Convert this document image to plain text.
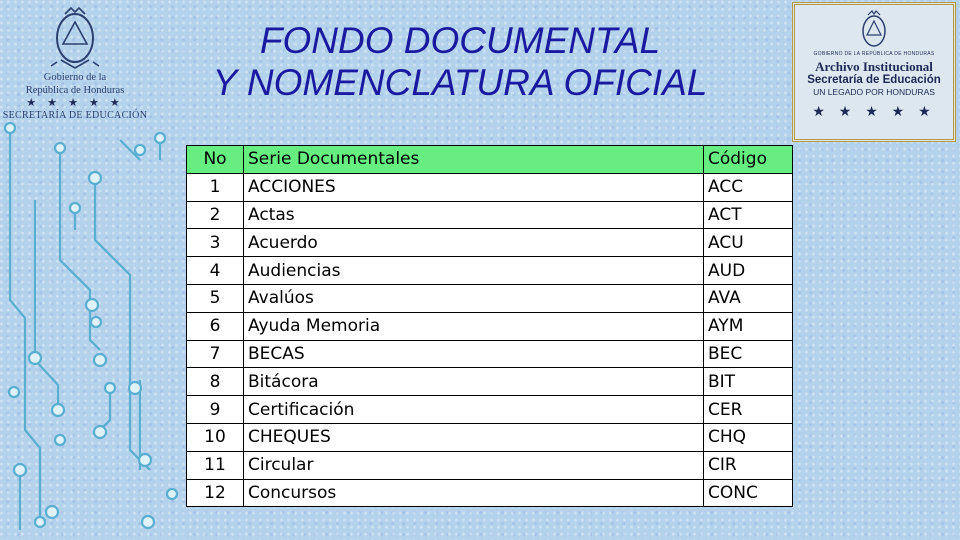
Gobierno de la
República de Honduras
★ ★ ★ ★ ★
SECRETARÍA DE EDUCACIÓN
FONDO DOCUMENTAL
Y NOMENCLATURA OFICIAL
GOBIERNO DE LA REPÚBLICA DE HONDURAS
Archivo Institucional
Secretaría de Educación
UN LEGADO POR HONDURAS
★ ★ ★ ★ ★
No	Serie Documentales	Código
1	ACCIONES	ACC
2	Actas	ACT
3	Acuerdo	ACU
4	Audiencias	AUD
5	Avalúos	AVA
6	Ayuda Memoria	AYM
7	BECAS	BEC
8	Bitácora	BIT
9	Certificación	CER
10	CHEQUES	CHQ
11	Circular	CIR
12	Concursos	CONC
